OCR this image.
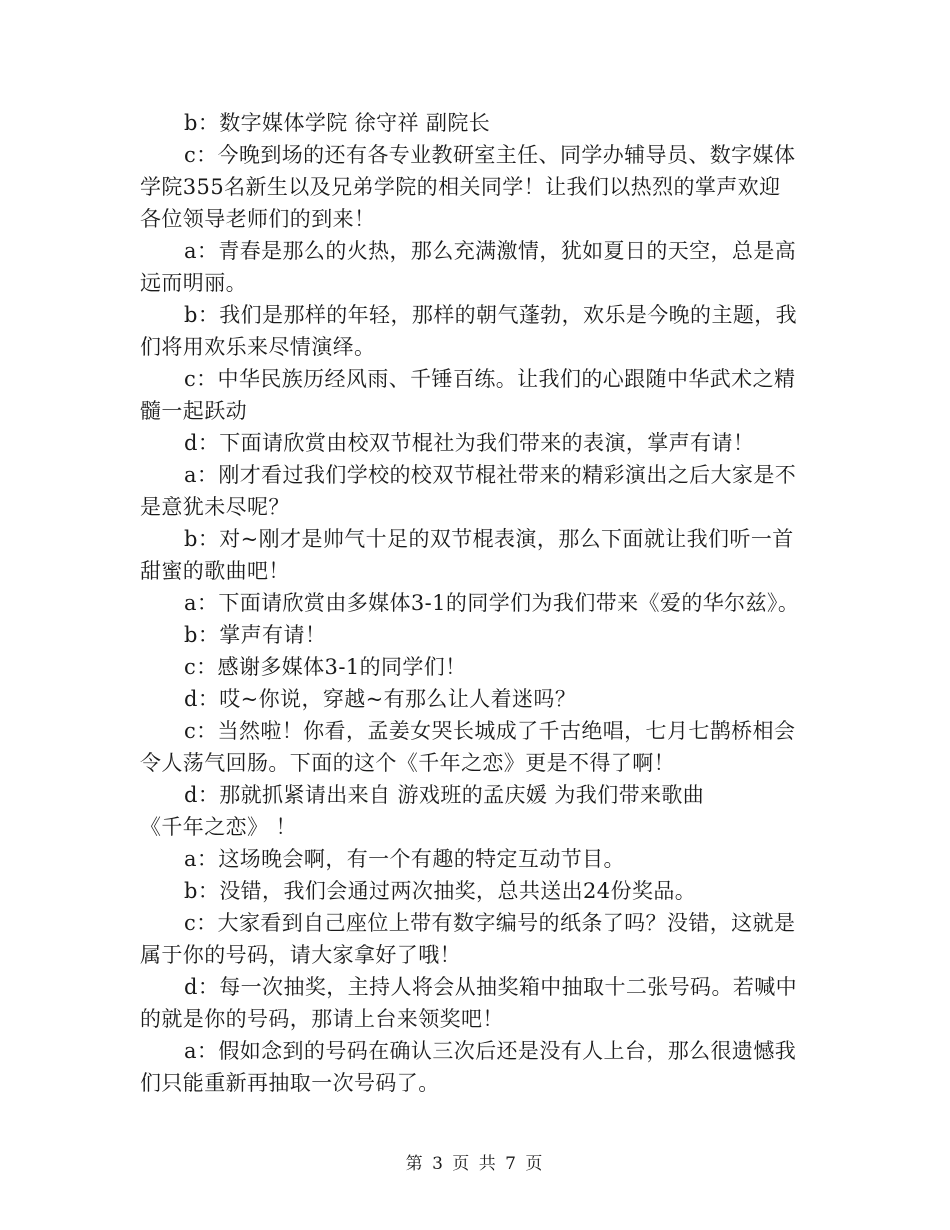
b：数字媒体学院 徐守祥 副院长
c：今晚到场的还有各专业教研室主任、同学办辅导员、数字媒体
学院355名新生以及兄弟学院的相关同学！让我们以热烈的掌声欢迎
各位领导老师们的到来！
a：青春是那么的火热，那么充满激情，犹如夏日的天空，总是高
远而明丽。
b：我们是那样的年轻，那样的朝气蓬勃，欢乐是今晚的主题，我
们将用欢乐来尽情演绎。
c：中华民族历经风雨、千锤百练。让我们的心跟随中华武术之精
髓一起跃动
d：下面请欣赏由校双节棍社为我们带来的表演，掌声有请！
a：刚才看过我们学校的校双节棍社带来的精彩演出之后大家是不
是意犹未尽呢？
b：对~刚才是帅气十足的双节棍表演，那么下面就让我们听一首
甜蜜的歌曲吧！
a：下面请欣赏由多媒体3-1的同学们为我们带来《爱的华尔兹》。
b：掌声有请！
c：感谢多媒体3-1的同学们！
d：哎~你说，穿越~有那么让人着迷吗？
c：当然啦！你看，孟姜女哭长城成了千古绝唱，七月七鹊桥相会
令人荡气回肠。下面的这个《千年之恋》更是不得了啊！
d：那就抓紧请出来自 游戏班的孟庆媛 为我们带来歌曲
《千年之恋》 ！
a：这场晚会啊，有一个有趣的特定互动节目。
b：没错，我们会通过两次抽奖，总共送出24份奖品。
c：大家看到自己座位上带有数字编号的纸条了吗？没错，这就是
属于你的号码，请大家拿好了哦！
d：每一次抽奖，主持人将会从抽奖箱中抽取十二张号码。若喊中
的就是你的号码，那请上台来领奖吧！
a：假如念到的号码在确认三次后还是没有人上台，那么很遗憾我
们只能重新再抽取一次号码了。
第 3 页 共 7 页
